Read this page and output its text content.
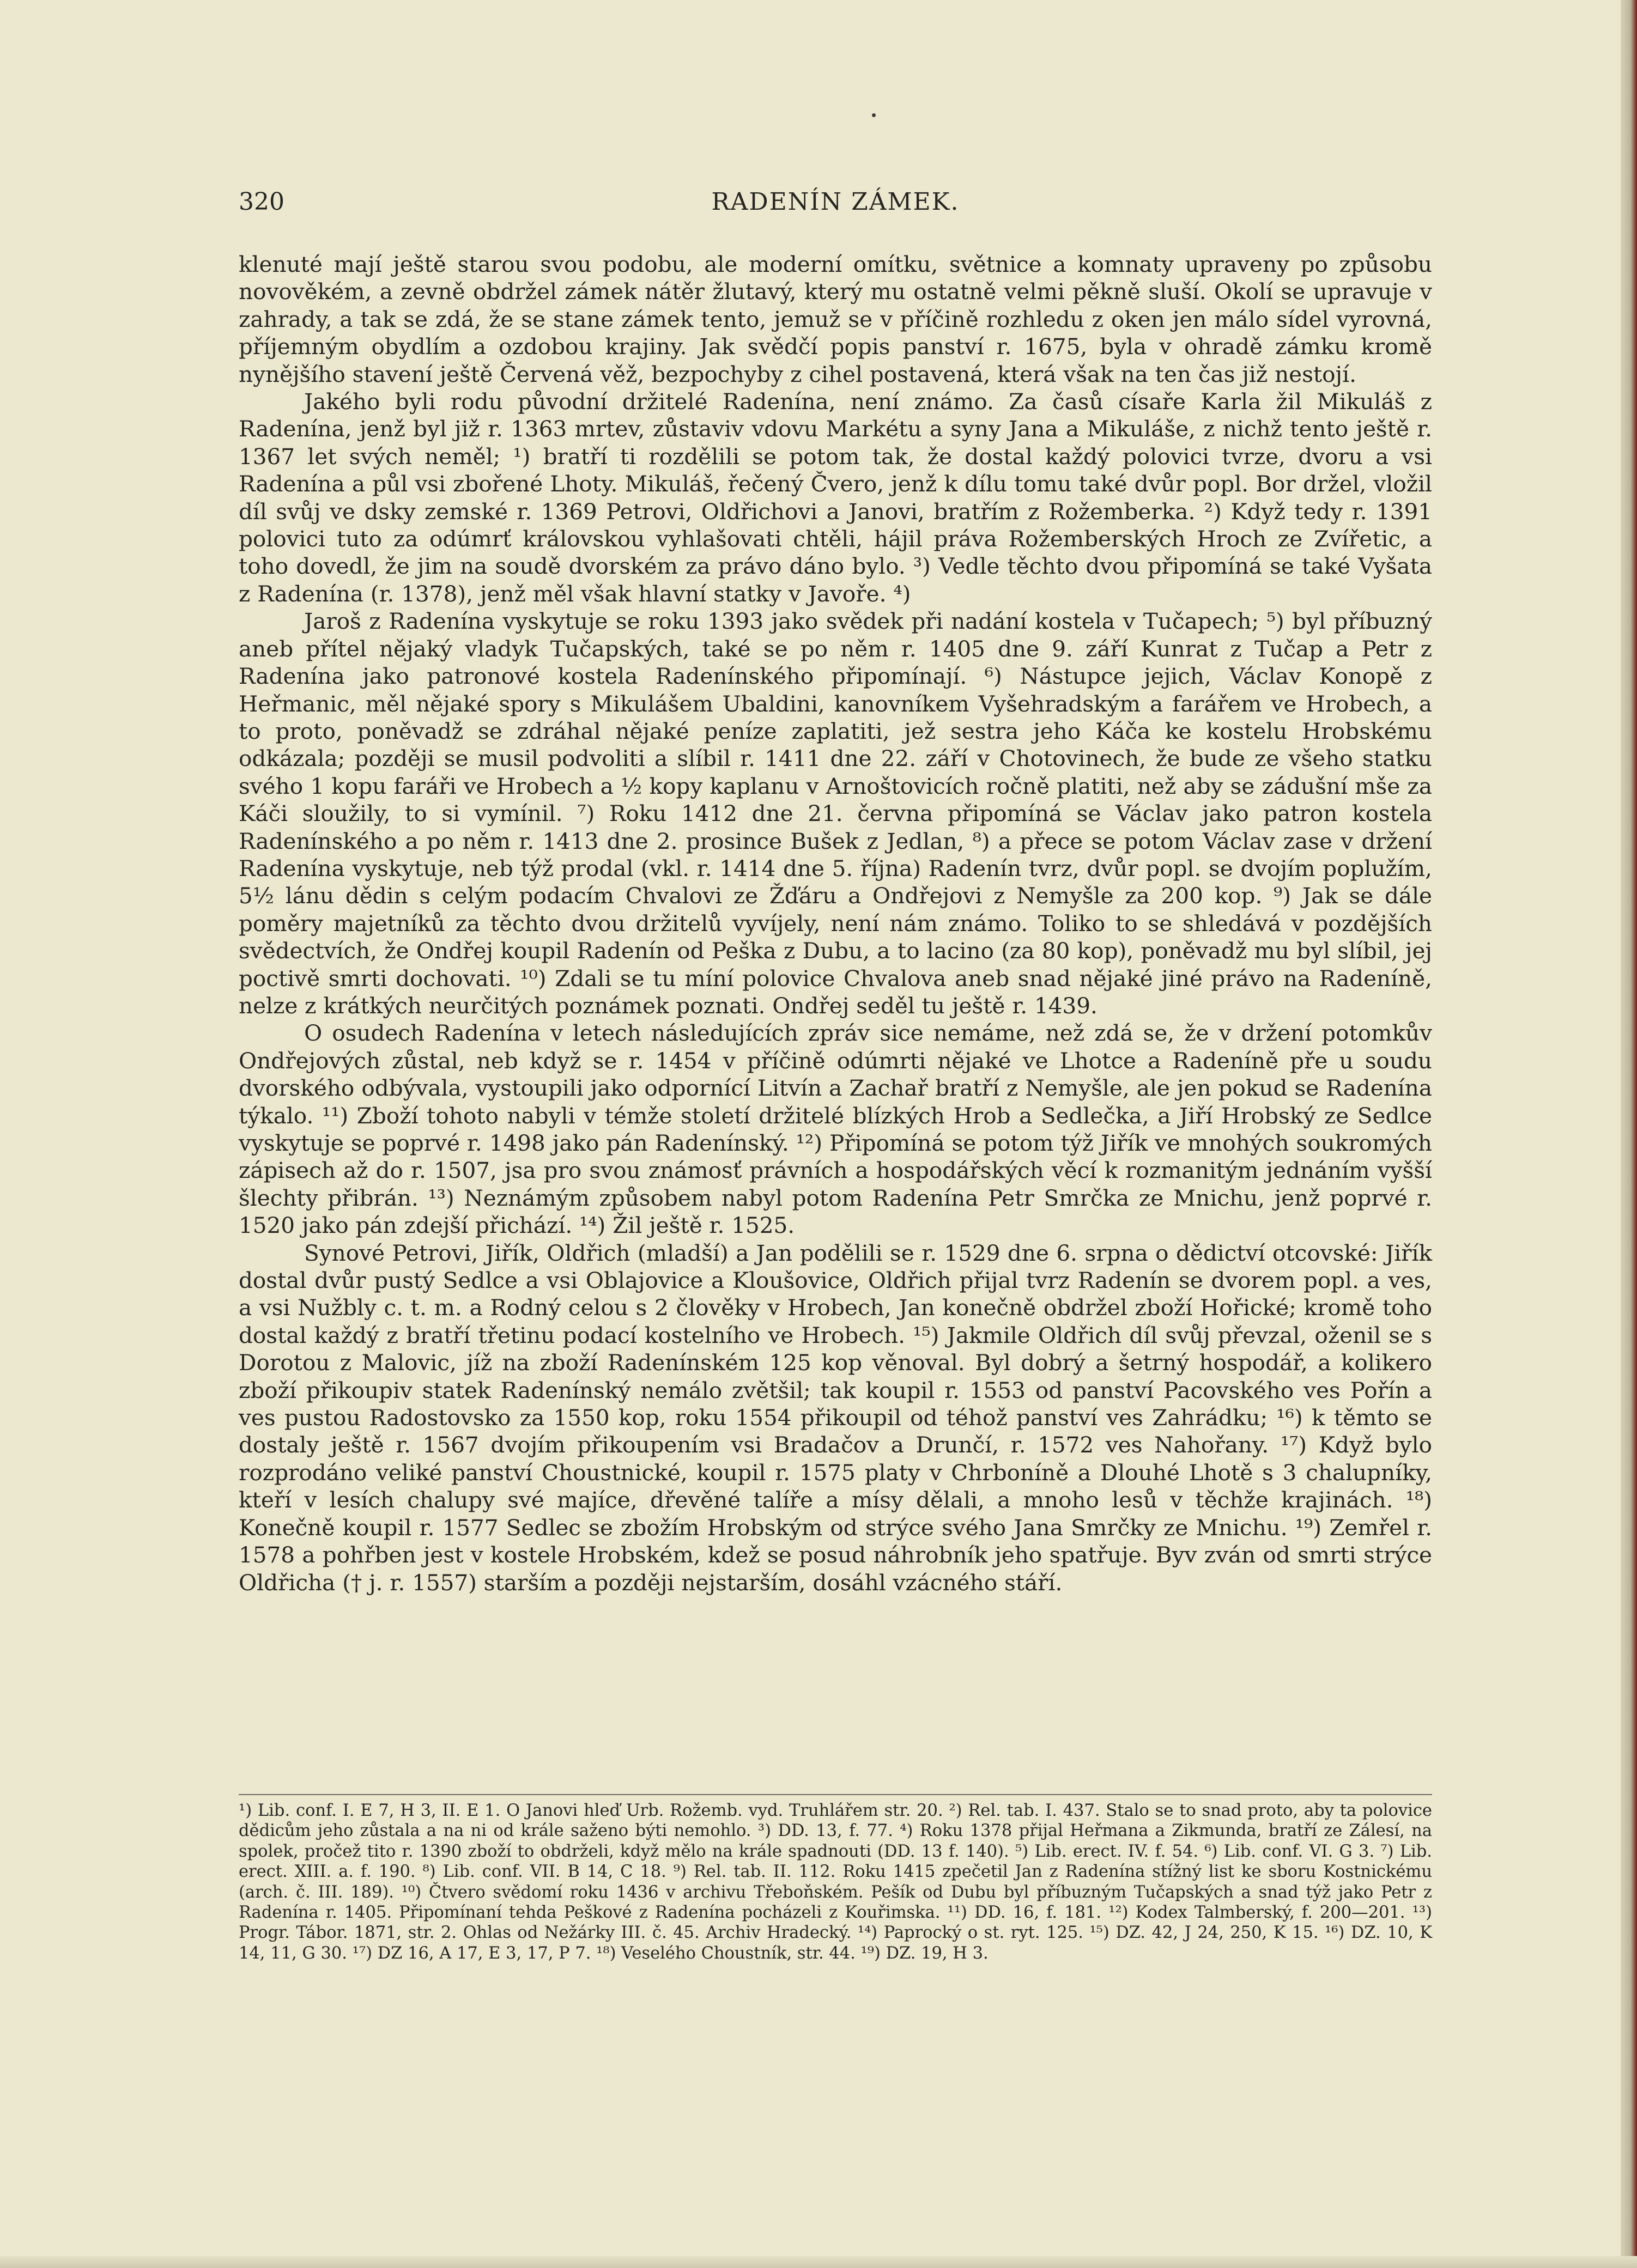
320	RADENÍN ZÁMEK.

klenuté mají ještě starou svou podobu, ale moderní omítku, světnice a komnaty upraveny po způsobu novověkém, a zevně obdržel zámek nátěr žlutavý, který mu ostatně velmi pěkně sluší. Okolí se upravuje v zahrady, a tak se zdá, že se stane zámek tento, jemuž se v příčině rozhledu z oken jen málo sídel vyrovná, příjemným obydlím a ozdobou krajiny. Jak svědčí popis panství r. 1675, byla v ohradě zámku kromě nynějšího stavení ještě Červená věž, bezpochyby z cihel postavená, která však na ten čas již nestojí.

Jakého byli rodu původní držitelé Radenína, není známo. Za časů císaře Karla žil Mikuláš z Radenína, jenž byl již r. 1363 mrtev, zůstaviv vdovu Markétu a syny Jana a Mikuláše, z nichž tento ještě r. 1367 let svých neměl; ¹) bratří ti rozdělili se potom tak, že dostal každý polovici tvrze, dvoru a vsi Radenína a půl vsi zbořené Lhoty. Mikuláš, řečený Čvero, jenž k dílu tomu také dvůr popl. Bor držel, vložil díl svůj ve dsky zemské r. 1369 Petrovi, Oldřichovi a Janovi, bratřím z Rožemberka. ²) Když tedy r. 1391 polovici tuto za odúmrť královskou vyhlašovati chtěli, hájil práva Rožemberských Hroch ze Zvířetic, a toho dovedl, že jim na soudě dvorském za právo dáno bylo. ³) Vedle těchto dvou připomíná se také Vyšata z Radenína (r. 1378), jenž měl však hlavní statky v Javoře. ⁴)

Jaroš z Radenína vyskytuje se roku 1393 jako svědek při nadání kostela v Tučapech; ⁵) byl příbuzný aneb přítel nějaký vladyk Tučapských, také se po něm r. 1405 dne 9. září Kunrat z Tučap a Petr z Radenína jako patronové kostela Radenínského připomínají. ⁶) Nástupce jejich, Václav Konopě z Heřmanic, měl nějaké spory s Mikulášem Ubaldini, kanovníkem Vyšehradským a farářem ve Hrobech, a to proto, poněvadž se zdráhal nějaké peníze zaplatiti, jež sestra jeho Káča ke kostelu Hrobskému odkázala; později se musil podvoliti a slíbil r. 1411 dne 22. září v Chotovinech, že bude ze všeho statku svého 1 kopu faráři ve Hrobech a ½ kopy kaplanu v Arnoštovicích ročně platiti, než aby se zádušní mše za Káči sloužily, to si vymínil. ⁷) Roku 1412 dne 21. června připomíná se Václav jako patron kostela Radenínského a po něm r. 1413 dne 2. prosince Bušek z Jedlan, ⁸) a přece se potom Václav zase v držení Radenína vyskytuje, neb týž prodal (vkl. r. 1414 dne 5. října) Radenín tvrz, dvůr popl. se dvojím poplužím, 5½ lánu dědin s celým podacím Chvalovi ze Žďáru a Ondřejovi z Nemyšle za 200 kop. ⁹) Jak se dále poměry majetníků za těchto dvou držitelů vyvíjely, není nám známo. Toliko to se shledává v pozdějších svědectvích, že Ondřej koupil Radenín od Peška z Dubu, a to lacino (za 80 kop), poněvadž mu byl slíbil, jej poctivě smrti dochovati. ¹⁰) Zdali se tu míní polovice Chvalova aneb snad nějaké jiné právo na Radeníně, nelze z krátkých neurčitých poznámek poznati. Ondřej seděl tu ještě r. 1439.

O osudech Radenína v letech následujících zpráv sice nemáme, než zdá se, že v držení potomkův Ondřejových zůstal, neb když se r. 1454 v příčině odúmrti nějaké ve Lhotce a Radeníně pře u soudu dvorského odbývala, vystoupili jako odpornící Litvín a Zachař bratří z Nemyšle, ale jen pokud se Radenína týkalo. ¹¹) Zboží tohoto nabyli v témže století držitelé blízkých Hrob a Sedlečka, a Jiří Hrobský ze Sedlce vyskytuje se poprvé r. 1498 jako pán Radenínský. ¹²) Připomíná se potom týž Jiřík ve mnohých soukromých zápisech až do r. 1507, jsa pro svou známosť právních a hospodářských věcí k rozmanitým jednáním vyšší šlechty přibrán. ¹³) Neznámým způsobem nabyl potom Radenína Petr Smrčka ze Mnichu, jenž poprvé r. 1520 jako pán zdejší přichází. ¹⁴) Žil ještě r. 1525.

Synové Petrovi, Jiřík, Oldřich (mladší) a Jan podělili se r. 1529 dne 6. srpna o dědictví otcovské: Jiřík dostal dvůr pustý Sedlce a vsi Oblajovice a Kloušovice, Oldřich přijal tvrz Radenín se dvorem popl. a ves, a vsi Nužbly c. t. m. a Rodný celou s 2 člověky v Hrobech, Jan konečně obdržel zboží Hořické; kromě toho dostal každý z bratří třetinu podací kostelního ve Hrobech. ¹⁵) Jakmile Oldřich díl svůj převzal, oženil se s Dorotou z Malovic, jíž na zboží Radenínském 125 kop věnoval. Byl dobrý a šetrný hospodář, a kolikero zboží přikoupiv statek Radenínský nemálo zvětšil; tak koupil r. 1553 od panství Pacovského ves Pořín a ves pustou Radostovsko za 1550 kop, roku 1554 přikoupil od téhož panství ves Zahrádku; ¹⁶) k těmto se dostaly ještě r. 1567 dvojím přikoupením vsi Bradačov a Drunčí, r. 1572 ves Nahořany. ¹⁷) Když bylo rozprodáno veliké panství Choustnické, koupil r. 1575 platy v Chrboníně a Dlouhé Lhotě s 3 chalupníky, kteří v lesích chalupy své majíce, dřevěné talíře a mísy dělali, a mnoho lesů v těchže krajinách. ¹⁸) Konečně koupil r. 1577 Sedlec se zbožím Hrobským od strýce svého Jana Smrčky ze Mnichu. ¹⁹) Zemřel r. 1578 a pohřben jest v kostele Hrobském, kdež se posud náhrobník jeho spatřuje. Byv zván od smrti strýce Oldřicha († j. r. 1557) starším a později nejstarším, dosáhl vzácného stáří.

¹) Lib. conf. I. E 7, H 3, II. E 1. O Janovi hleď Urb. Rožemb. vyd. Truhlářem str. 20. ²) Rel. tab. I. 437. Stalo se to snad proto, aby ta polovice dědicům jeho zůstala a na ni od krále saženo býti nemohlo. ³) DD. 13, f. 77. ⁴) Roku 1378 přijal Heřmana a Zikmunda, bratří ze Zálesí, na spolek, pročež tito r. 1390 zboží to obdrželi, když mělo na krále spadnouti (DD. 13 f. 140). ⁵) Lib. erect. IV. f. 54. ⁶) Lib. conf. VI. G 3. ⁷) Lib. erect. XIII. a. f. 190. ⁸) Lib. conf. VII. B 14, C 18. ⁹) Rel. tab. II. 112. Roku 1415 zpečetil Jan z Radenína stížný list ke sboru Kostnickému (arch. č. III. 189). ¹⁰) Čtvero svědomí roku 1436 v archivu Třeboňském. Pešík od Dubu byl příbuzným Tučapských a snad týž jako Petr z Radenína r. 1405. Připomínaní tehda Peškové z Radenína pocházeli z Kouřimska. ¹¹) DD. 16, f. 181. ¹²) Kodex Talmberský, f. 200—201. ¹³) Progr. Tábor. 1871, str. 2. Ohlas od Nežárky III. č. 45. Archiv Hradecký. ¹⁴) Paprocký o st. ryt. 125. ¹⁵) DZ. 42, J 24, 250, K 15. ¹⁶) DZ. 10, K 14, 11, G 30. ¹⁷) DZ 16, A 17, E 3, 17, P 7. ¹⁸) Veselého Choustník, str. 44. ¹⁹) DZ. 19, H 3.
